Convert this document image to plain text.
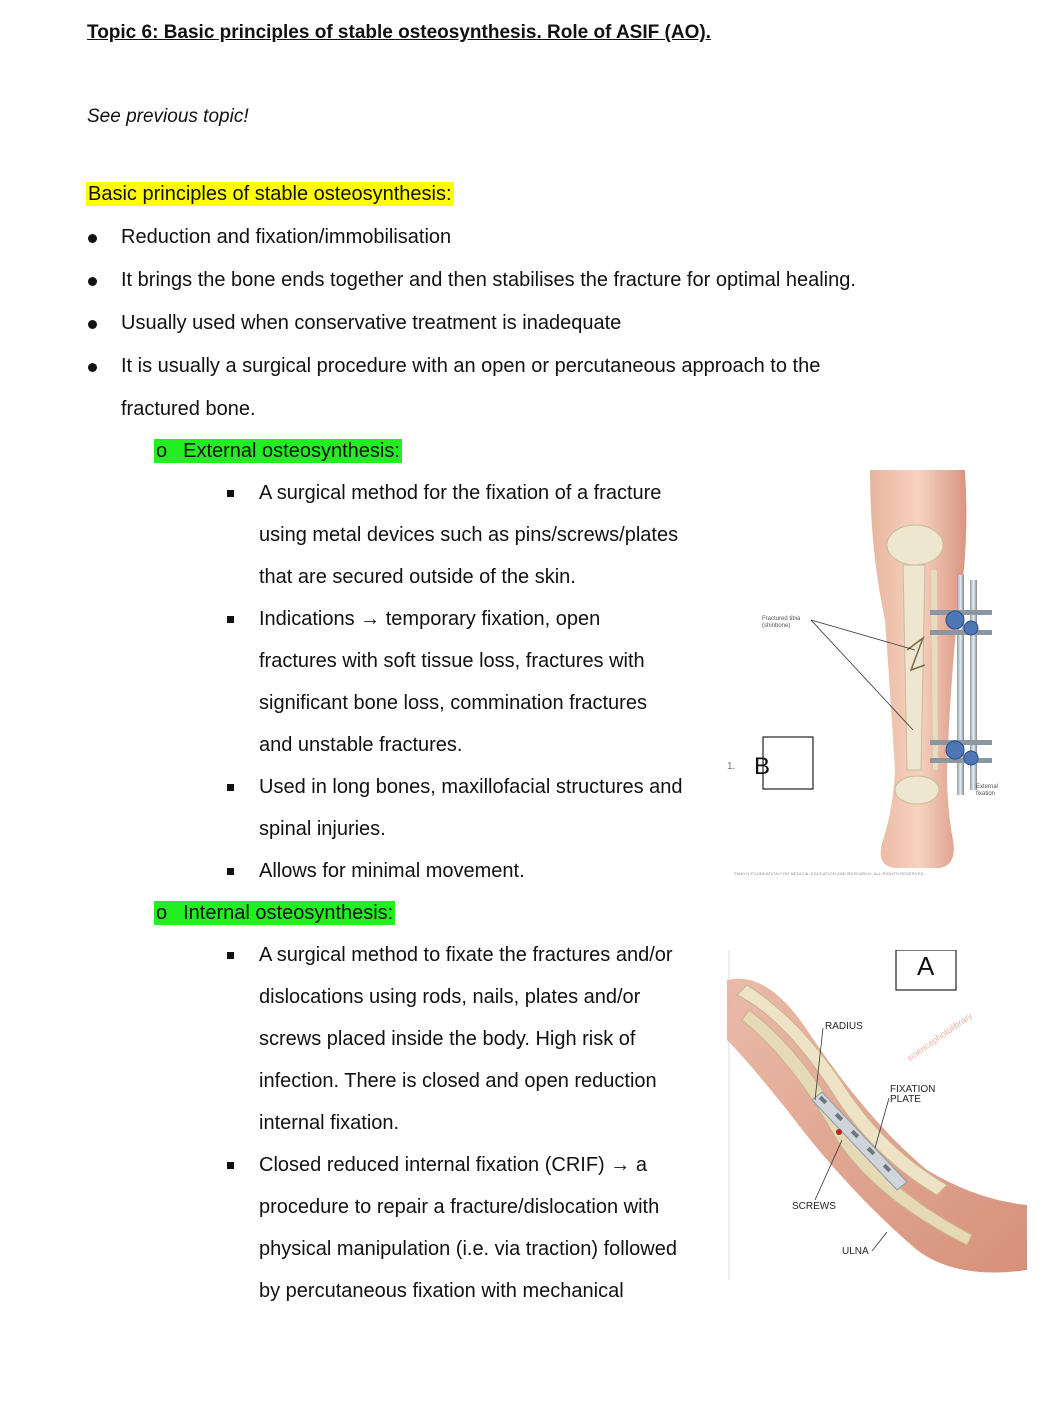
Topic 6: Basic principles of stable osteosynthesis. Role of ASIF (AO).
See previous topic!
Basic principles of stable osteosynthesis:
Reduction and fixation/immobilisation
It brings the bone ends together and then stabilises the fracture for optimal healing.
Usually used when conservative treatment is inadequate
It is usually a surgical procedure with an open or percutaneous approach to the
fractured bone.
o External osteosynthesis:
A surgical method for the fixation of a fracture
using metal devices such as pins/screws/plates
that are secured outside of the skin.
Indications → temporary fixation, open
fractures with soft tissue loss, fractures with
significant bone loss, commination fractures
and unstable fractures.
Used in long bones, maxillofacial structures and
spinal injuries.
Allows for minimal movement.
o Internal osteosynthesis:
A surgical method to fixate the fractures and/or
dislocations using rods, nails, plates and/or
screws placed inside the body. High risk of
infection. There is closed and open reduction
internal fixation.
Closed reduced internal fixation (CRIF) → a
procedure to repair a fracture/dislocation with
physical manipulation (i.e. via traction) followed
by percutaneous fixation with mechanical
B
1.
Fractured tibia
(shinbone)
External
fixation
©MAYO FOUNDATION FOR MEDICAL EDUCATION AND RESEARCH. ALL RIGHTS RESERVED.
A
RADIUS
FIXATION
PLATE
SCREWS
ULNA
sciencephotolibrary
